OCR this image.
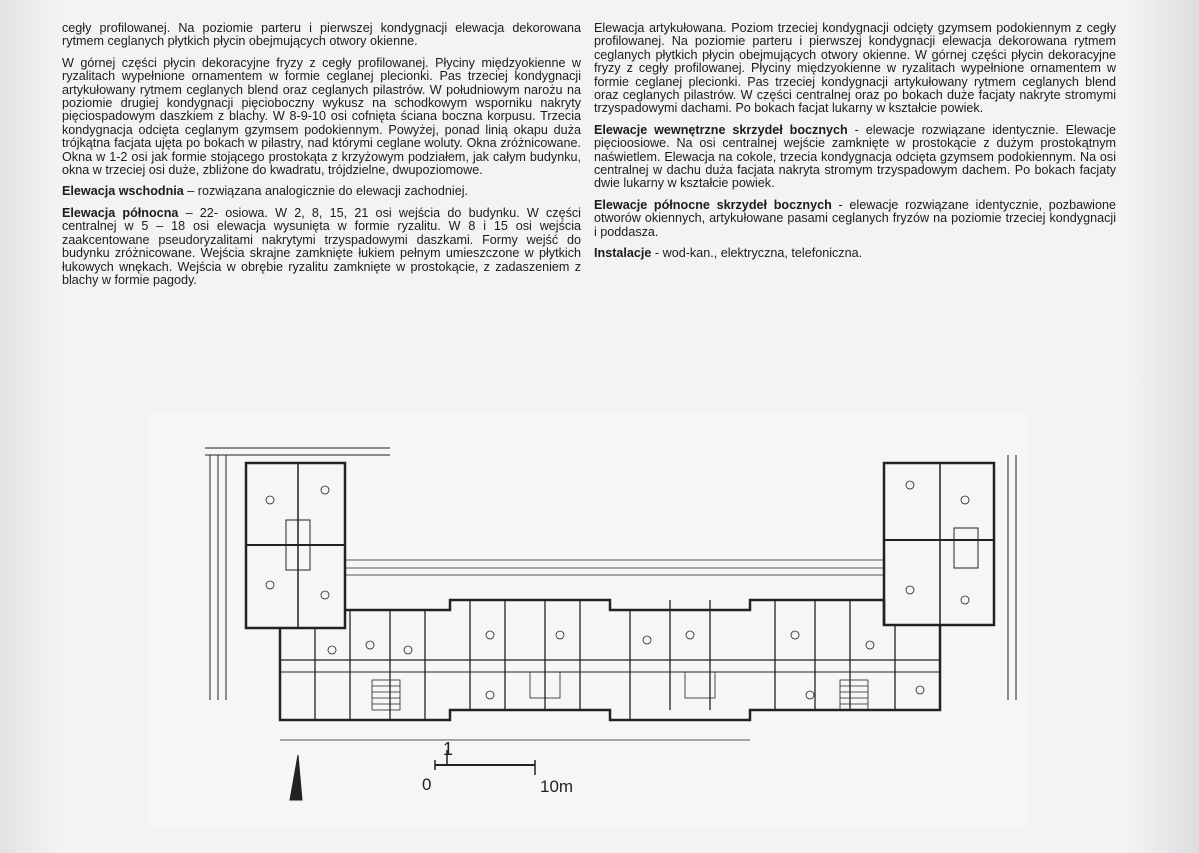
cegły profilowanej. Na poziomie parteru i pierwszej kondygnacji elewacja dekorowana rytmem ceglanych płytkich płycin obejmujących otwory okienne.

W górnej części płycin dekoracyjne fryzy z cegły profilowanej. Płyciny międzyokienne w ryzalitach wypełnione ornamentem w formie ceglanej plecionki. Pas trzeciej kondygnacji artykułowany rytmem ceglanych blend oraz ceglanych pilastrów. W południowym narożu na poziomie drugiej kondygnacji pięcioboczny wykusz na schodkowym wsporniku nakryty pięciospadowym daszkiem z blachy. W 8-9-10 osi cofnięta ściana boczna korpusu. Trzecia kondygnacja odcięta ceglanym gzymsem podokiennym. Powyżej, ponad linią okapu duża trójkątna facjata ujęta po bokach w pilastry, nad którymi ceglane woluty. Okna zróżnicowane. Okna w 1-2 osi jak formie stojącego prostokąta z krzyżowym podziałem, jak całym budynku, okna w trzeciej osi duże, zbliżone do kwadratu, trójdzielne, dwupoziomowe.

Elewacja wschodnia – rozwiązana analogicznie do elewacji zachodniej.

Elewacja północna – 22- osiowa. W 2, 8, 15, 21 osi wejścia do budynku. W części centralnej w 5 – 18 osi elewacja wysunięta w formie ryzalitu. W 8 i 15 osi wejścia zaakcentowane pseudoryzalitami nakrytymi trzyspadowymi daszkami. Formy wejść do budynku zróżnicowane. Wejścia skrajne zamknięte łukiem pełnym umieszczone w płytkich łukowych wnękach. Wejścia w obrębie ryzalitu zamknięte w prostokącie, z zadaszeniem z blachy w formie pagody.

Elewacja artykułowana. Poziom trzeciej kondygnacji odcięty gzymsem podokiennym z cegły profilowanej. Na poziomie parteru i pierwszej kondygnacji elewacja dekorowana rytmem ceglanych płytkich płycin obejmujących otwory okienne. W górnej części płycin dekoracyjne fryzy z cegły profilowanej. Płyciny międzyokienne w ryzalitach wypełnione ornamentem w formie ceglanej plecionki. Pas trzeciej kondygnacji artykułowany rytmem ceglanych blend oraz ceglanych pilastrów. W części centralnej oraz po bokach duże facjaty nakryte stromymi trzyspadowymi dachami. Po bokach facjat lukarny w kształcie powiek.

Elewacje wewnętrzne skrzydeł bocznych - elewacje rozwiązane identycznie. Elewacje pięcioosiowe. Na osi centralnej wejście zamknięte w prostokącie z dużym prostokątnym naświetlem. Elewacja na cokole, trzecia kondygnacja odcięta gzymsem podokiennym. Na osi centralnej w dachu duża facjata nakryta stromym trzyspadowym dachem. Po bokach facjaty dwie lukarny w kształcie powiek.

Elewacje północne skrzydeł bocznych - elewacje rozwiązane identycznie, pozbawione otworów okiennych, artykułowane pasami ceglanych fryzów na poziomie trzeciej kondygnacji i poddasza.

Instalacje - wod-kan., elektryczna, telefoniczna.

1
0	10m
